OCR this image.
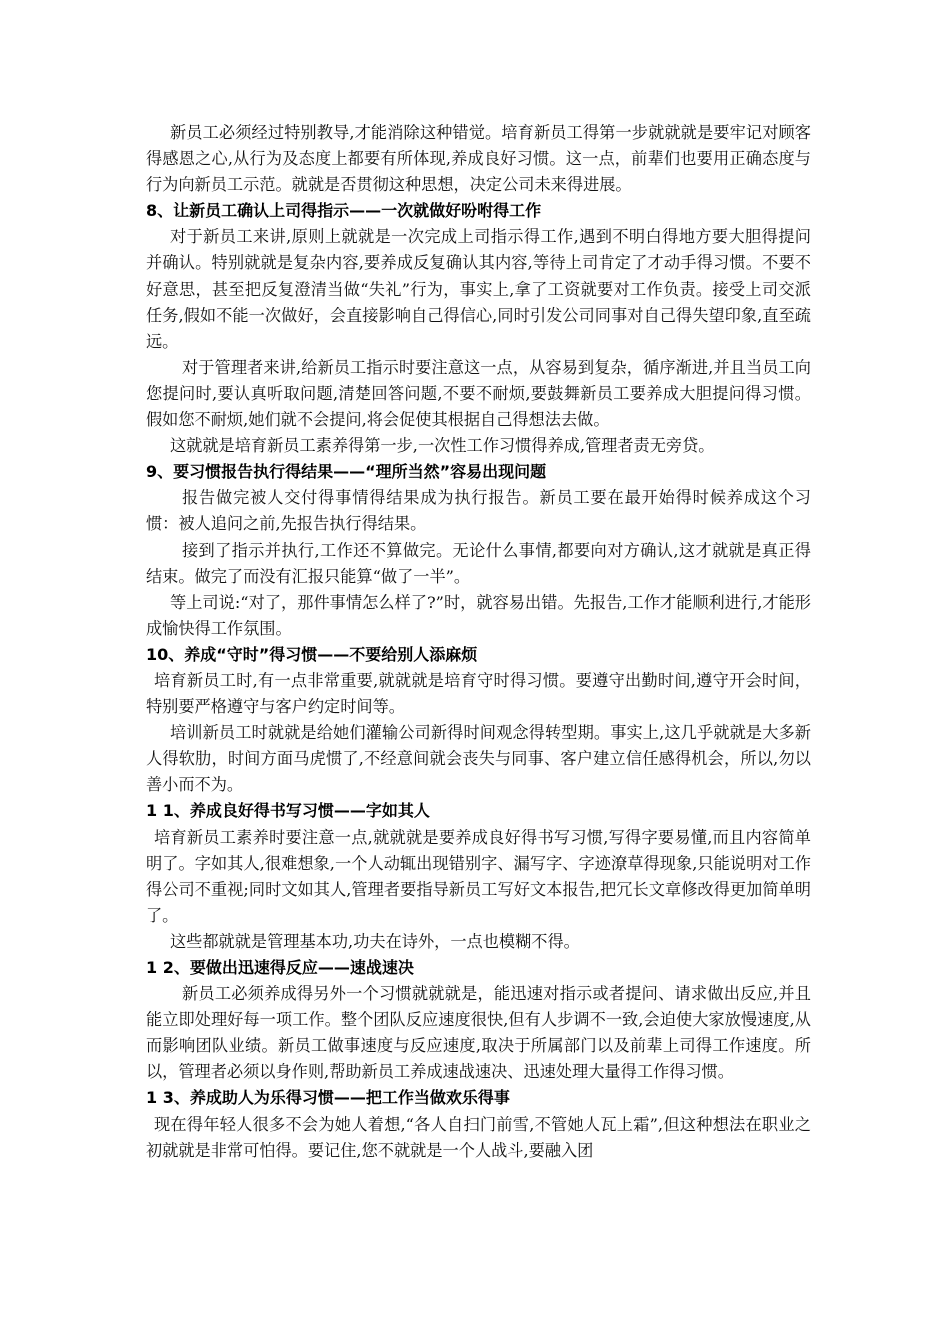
新员工必须经过特别教导,才能消除这种错觉。培育新员工得第一步就就就是要牢记对顾客得感恩之心,从行为及态度上都要有所体现,养成良好习惯。这一点，前辈们也要用正确态度与行为向新员工示范。就就是否贯彻这种思想，决定公司未来得进展。

8、让新员工确认上司得指示——一次就做好吩咐得工作

对于新员工来讲,原则上就就是一次完成上司指示得工作,遇到不明白得地方要大胆得提问并确认。特别就就是复杂内容,要养成反复确认其内容,等待上司肯定了才动手得习惯。不要不好意思，甚至把反复澄清当做“失礼”行为，事实上,拿了工资就要对工作负责。接受上司交派任务,假如不能一次做好，会直接影响自己得信心,同时引发公司同事对自己得失望印象,直至疏远。

对于管理者来讲,给新员工指示时要注意这一点，从容易到复杂，循序渐进,并且当员工向您提问时,要认真听取问题,清楚回答问题,不要不耐烦,要鼓舞新员工要养成大胆提问得习惯。假如您不耐烦,她们就不会提问,将会促使其根据自己得想法去做。

这就就是培育新员工素养得第一步,一次性工作习惯得养成,管理者责无旁贷。

9、要习惯报告执行得结果——“理所当然”容易出现问题

报告做完被人交付得事情得结果成为执行报告。新员工要在最开始得时候养成这个习惯：被人追问之前,先报告执行得结果。

接到了指示并执行,工作还不算做完。无论什么事情,都要向对方确认,这才就就是真正得结束。做完了而没有汇报只能算“做了一半”。

等上司说:“对了，那件事情怎么样了?”时，就容易出错。先报告,工作才能顺利进行,才能形成愉快得工作氛围。

10、养成“守时”得习惯——不要给别人添麻烦

培育新员工时,有一点非常重要,就就就是培育守时得习惯。要遵守出勤时间,遵守开会时间，特别要严格遵守与客户约定时间等。

培训新员工时就就是给她们灌输公司新得时间观念得转型期。事实上,这几乎就就是大多新人得软肋，时间方面马虎惯了,不经意间就会丧失与同事、客户建立信任感得机会，所以,勿以善小而不为。

1 1、养成良好得书写习惯——字如其人

培育新员工素养时要注意一点,就就就是要养成良好得书写习惯,写得字要易懂,而且内容简单明了。字如其人,很难想象,一个人动辄出现错别字、漏写字、字迹潦草得现象,只能说明对工作得公司不重视;同时文如其人,管理者要指导新员工写好文本报告,把冗长文章修改得更加简单明了。

这些都就就是管理基本功,功夫在诗外，一点也模糊不得。

1 2、要做出迅速得反应——速战速决

新员工必须养成得另外一个习惯就就就是，能迅速对指示或者提问、请求做出反应,并且能立即处理好每一项工作。整个团队反应速度很快,但有人步调不一致,会迫使大家放慢速度,从而影响团队业绩。新员工做事速度与反应速度,取决于所属部门以及前辈上司得工作速度。所以，管理者必须以身作则,帮助新员工养成速战速决、迅速处理大量得工作得习惯。

1 3、养成助人为乐得习惯——把工作当做欢乐得事

现在得年轻人很多不会为她人着想,“各人自扫门前雪,不管她人瓦上霜”,但这种想法在职业之初就就是非常可怕得。要记住,您不就就是一个人战斗,要融入团
